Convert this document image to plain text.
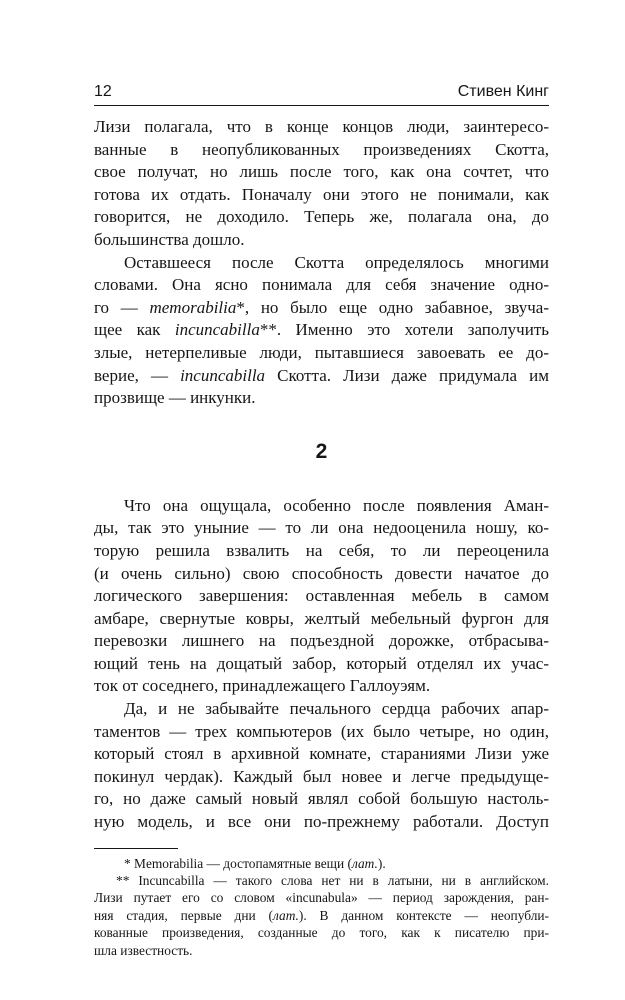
12	Стивен Кинг

Лизи полагала, что в конце концов люди, заинтересо-

ванные в неопубликованных произведениях Скотта,

свое получат, но лишь после того, как она сочтет, что

готова их отдать. Поначалу они этого не понимали, как

говорится, не доходило. Теперь же, полагала она, до

большинства дошло.

Оставшееся после Скотта определялось многими

словами. Она ясно понимала для себя значение одно-

го — memorabilia*, но было еще одно забавное, звуча-

щее как incuncabilla**. Именно это хотели заполучить

злые, нетерпеливые люди, пытавшиеся завоевать ее до-

верие, — incuncabilla Скотта. Лизи даже придумала им

прозвище — инкунки.

2

Что она ощущала, особенно после появления Аман-

ды, так это уныние — то ли она недооценила ношу, ко-

торую решила взвалить на себя, то ли переоценила

(и очень сильно) свою способность довести начатое до

логического завершения: оставленная мебель в самом

амбаре, свернутые ковры, желтый мебельный фургон для

перевозки лишнего на подъездной дорожке, отбрасыва-

ющий тень на дощатый забор, который отделял их учас-

ток от соседнего, принадлежащего Галлоуэям.

Да, и не забывайте печального сердца рабочих апар-

таментов — трех компьютеров (их было четыре, но один,

который стоял в архивной комнате, стараниями Лизи уже

покинул чердак). Каждый был новее и легче предыдуще-

го, но даже самый новый являл собой большую настоль-

ную модель, и все они по-прежнему работали. Доступ

* Memorabilia — достопамятные вещи (лат.).

** Incuncabilla — такого слова нет ни в латыни, ни в английском.

Лизи путает его со словом «incunabula» — период зарождения, ран-

няя стадия, первые дни (лат.). В данном контексте — неопубли-

кованные произведения, созданные до того, как к писателю при-

шла известность.
